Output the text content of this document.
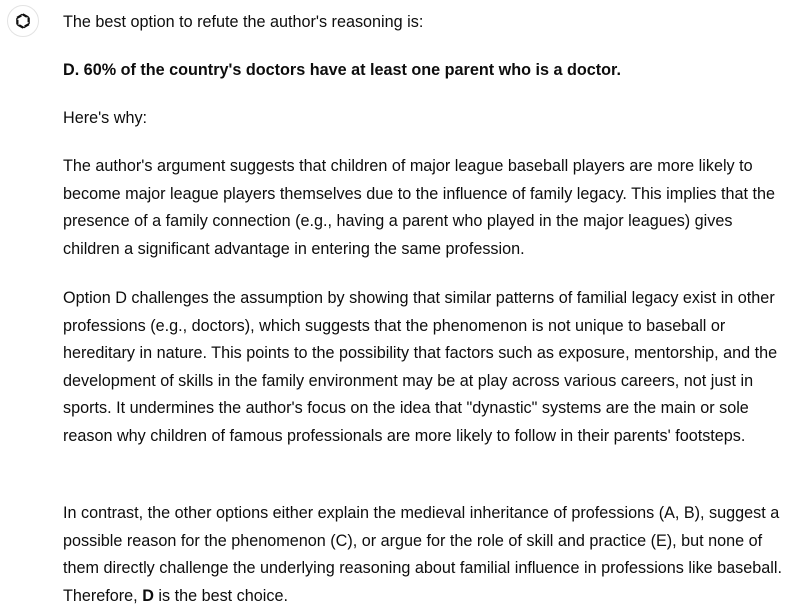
The best option to refute the author's reasoning is:

D. 60% of the country's doctors have at least one parent who is a doctor.

Here's why:

The author's argument suggests that children of major league baseball players are more likely to become major league players themselves due to the influence of family legacy. This implies that the presence of a family connection (e.g., having a parent who played in the major leagues) gives children a significant advantage in entering the same profession.

Option D challenges the assumption by showing that similar patterns of familial legacy exist in other professions (e.g., doctors), which suggests that the phenomenon is not unique to baseball or hereditary in nature. This points to the possibility that factors such as exposure, mentorship, and the development of skills in the family environment may be at play across various careers, not just in sports. It undermines the author's focus on the idea that "dynastic" systems are the main or sole reason why children of famous professionals are more likely to follow in their parents' footsteps.

In contrast, the other options either explain the medieval inheritance of professions (A, B), suggest a possible reason for the phenomenon (C), or argue for the role of skill and practice (E), but none of them directly challenge the underlying reasoning about familial influence in professions like baseball. Therefore, D is the best choice.
